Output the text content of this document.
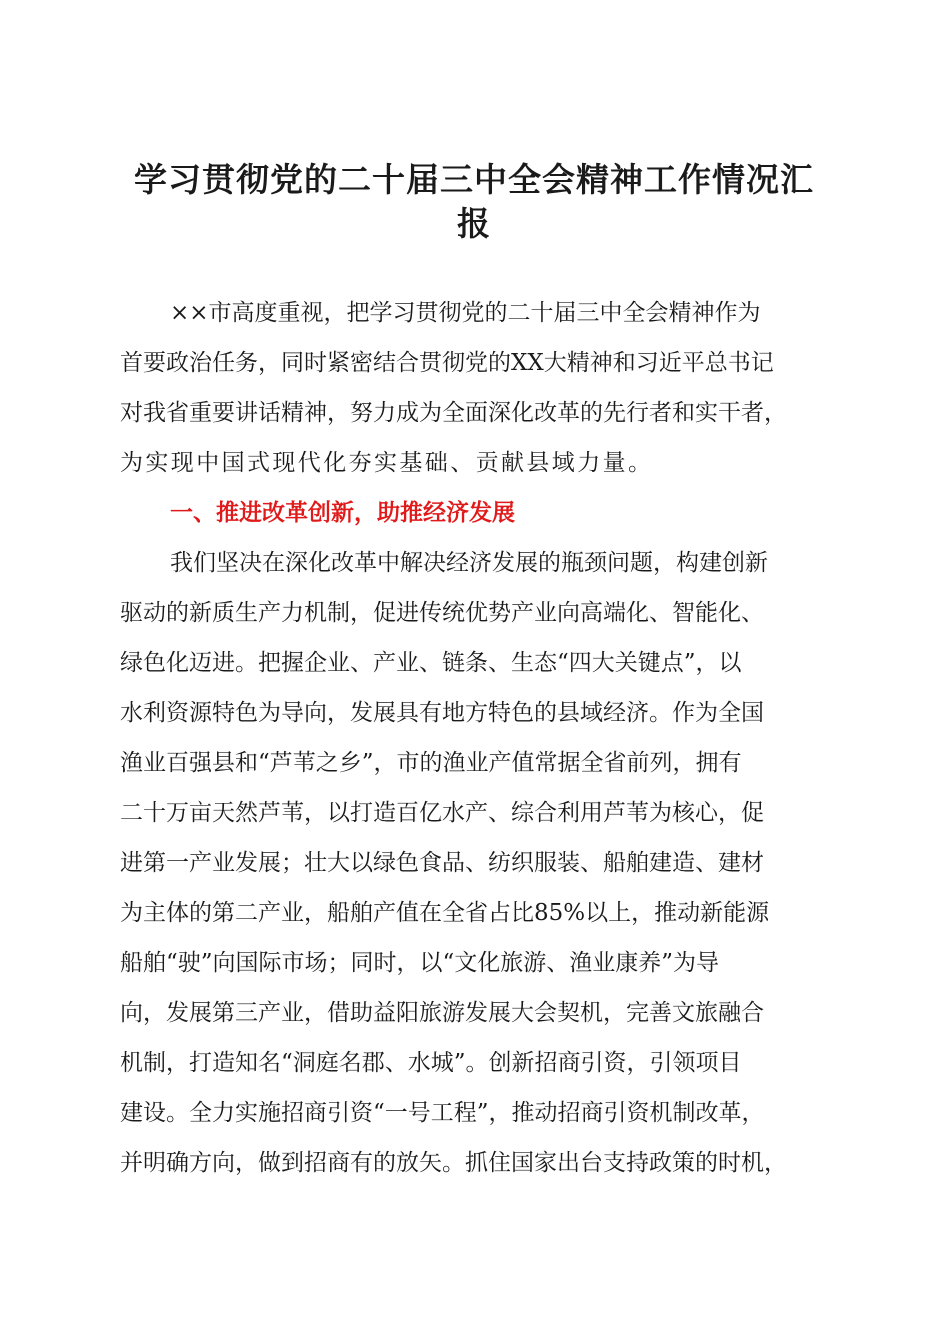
学习贯彻党的二十届三中全会精神工作情况汇
报

××市高度重视，把学习贯彻党的二十届三中全会精神作为

首要政治任务，同时紧密结合贯彻党的XX大精神和习近平总书记

对我省重要讲话精神，努力成为全面深化改革的先行者和实干者，

为实现中国式现代化夯实基础、贡献县域力量。

一、推进改革创新，助推经济发展

我们坚决在深化改革中解决经济发展的瓶颈问题，构建创新

驱动的新质生产力机制，促进传统优势产业向高端化、智能化、

绿色化迈进。把握企业、产业、链条、生态“四大关键点”，以

水利资源特色为导向，发展具有地方特色的县域经济。作为全国

渔业百强县和“芦苇之乡”，市的渔业产值常据全省前列，拥有

二十万亩天然芦苇，以打造百亿水产、综合利用芦苇为核心，促

进第一产业发展；壮大以绿色食品、纺织服装、船舶建造、建材

为主体的第二产业，船舶产值在全省占比85%以上，推动新能源

船舶“驶”向国际市场；同时，以“文化旅游、渔业康养”为导

向，发展第三产业，借助益阳旅游发展大会契机，完善文旅融合

机制，打造知名“洞庭名郡、水城”。创新招商引资，引领项目

建设。全力实施招商引资“一号工程”，推动招商引资机制改革，

并明确方向，做到招商有的放矢。抓住国家出台支持政策的时机，
